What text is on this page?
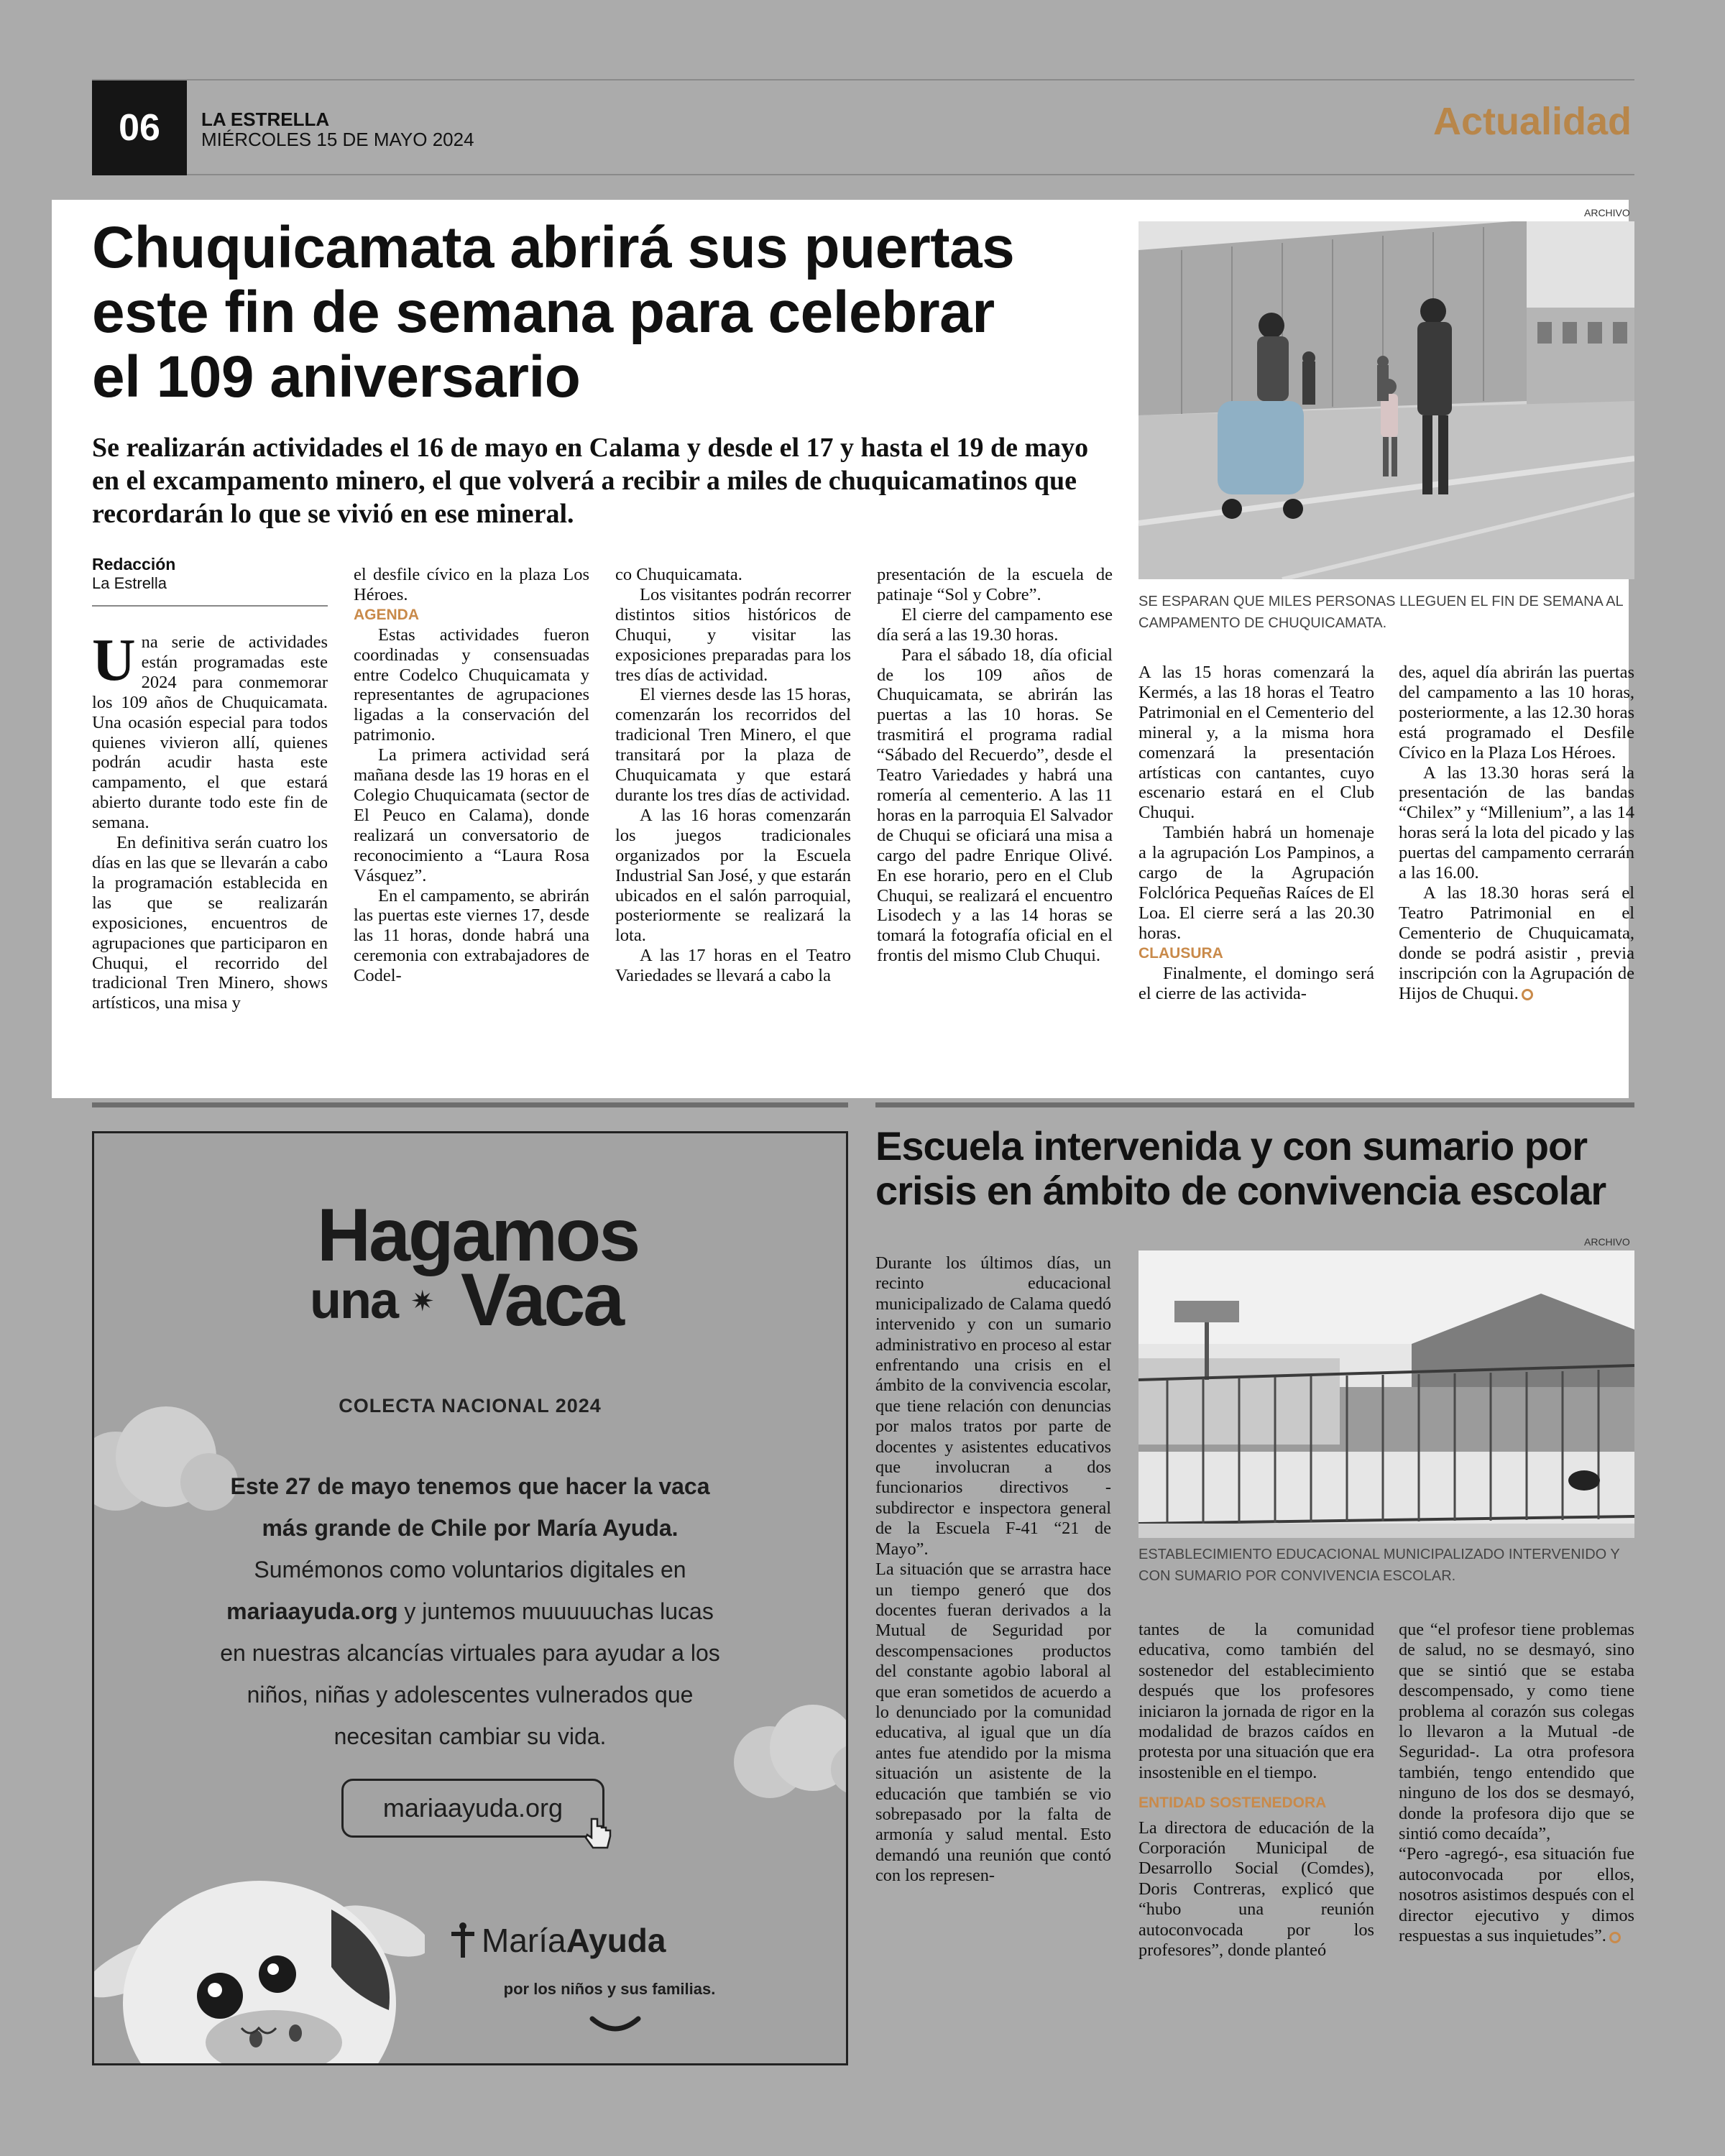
06	LA ESTRELLA
MIÉRCOLES 15 DE MAYO 2024	Actualidad
Chuquicamata abrirá sus puertas
este fin de semana para celebrar
el 109 aniversario
Se realizarán actividades el 16 de mayo en Calama y desde el 17 y hasta el 19 de mayo en el excampamento minero, el que volverá a recibir a miles de chuquicamatinos que recordarán lo que se vivió en ese mineral.
Redacción
La Estrella
ARCHIVO
SE ESPARAN QUE MILES PERSONAS LLEGUEN EL FIN DE SEMANA AL CAMPAMENTO DE CHUQUICAMATA.

Una serie de actividades están programadas este 2024 para conmemorar los 109 años de Chuquicamata. Una ocasión especial para todos quienes vivieron allí, quienes podrán acudir hasta este campamento, el que estará abierto durante todo este fin de semana.

En definitiva serán cuatro los días en las que se llevarán a cabo la programación establecida en las que se realizarán exposiciones, encuentros de agrupaciones que participaron en Chuqui, el recorrido del tradicional Tren Minero, shows artísticos, una misa y

el desfile cívico en la plaza Los Héroes.

AGENDA

Estas actividades fueron coordinadas y consensuadas entre Codelco Chuquicamata y representantes de agrupaciones ligadas a la conservación del patrimonio.

La primera actividad será mañana desde las 19 horas en el Colegio Chuquicamata (sector de El Peuco en Calama), donde realizará un conversatorio de reconocimiento a “Laura Rosa Vásquez”.

En el campamento, se abrirán las puertas este viernes 17, desde las 11 horas, donde habrá una ceremonia con extrabajadores de Codel-

co Chuquicamata.

Los visitantes podrán recorrer distintos sitios históricos de Chuqui, y visitar las exposiciones preparadas para los tres días de actividad.

El viernes desde las 15 horas, comenzarán los recorridos del tradicional Tren Minero, el que transitará por la plaza de Chuquicamata y que estará durante los tres días de actividad.

A las 16 horas comenzarán los juegos tradicionales organizados por la Escuela Industrial San José, y que estarán ubicados en el salón parroquial, posteriormente se realizará la lota.

A las 17 horas en el Teatro Variedades se llevará a cabo la

presentación de la escuela de patinaje “Sol y Cobre”.

El cierre del campamento ese día será a las 19.30 horas.

Para el sábado 18, día oficial de los 109 años de Chuquicamata, se abrirán las puertas a las 10 horas. Se trasmitirá el programa radial “Sábado del Recuerdo”, desde el Teatro Variedades y habrá una romería al cementerio. A las 11 horas en la parroquia El Salvador de Chuqui se oficiará una misa a cargo del padre Enrique Olivé. En ese horario, pero en el Club Chuqui, se realizará el encuentro Lisodech y a las 14 horas se tomará la fotografía oficial en el frontis del mismo Club Chuqui.

A las 15 horas comenzará la Kermés, a las 18 horas el Teatro Patrimonial en el Cementerio del mineral y, a la misma hora comenzará la presentación artísticas con cantantes, cuyo escenario estará en el Club Chuqui.

También habrá un homenaje a la agrupación Los Pampinos, a cargo de la Agrupación Folclórica Pequeñas Raíces de El Loa. El cierre será a las 20.30 horas.

CLAUSURA

Finalmente, el domingo será el cierre de las activida-

des, aquel día abrirán las puertas del campamento a las 10 horas, posteriormente, a las 12.30 horas está programado el Desfile Cívico en la Plaza Los Héroes.

A las 13.30 horas será la presentación de las bandas “Chilex” y “Millenium”, a las 14 horas será la lota del picado y las puertas del campamento cerrarán a las 16.00.

A las 18.30 horas será el Teatro Patrimonial en el Cementerio de Chuquicamata, donde se podrá asistir , previa inscripción con la Agrupación de Hijos de Chuqui.

Hagamos
una ✷ Vaca
COLECTA NACIONAL 2024
Este 27 de mayo tenemos que hacer la vaca
más grande de Chile por María Ayuda.
Sumémonos como voluntarios digitales en
mariaayuda.org y juntemos muuuuuchas lucas
en nuestras alcancías virtuales para ayudar a los
niños, niñas y adolescentes vulnerados que
necesitan cambiar su vida.
mariaayuda.org
María Ayuda
por los niños y sus familias.
Escuela intervenida y con sumario por
crisis en ámbito de convivencia escolar
ARCHIVO
ESTABLECIMIENTO EDUCACIONAL MUNICIPALIZADO INTERVENIDO Y CON SUMARIO POR CONVIVENCIA ESCOLAR.

Durante los últimos días, un recinto educacional municipalizado de Calama quedó intervenido y con un sumario administrativo en proceso al estar enfrentando una crisis en el ámbito de la convivencia escolar, que tiene relación con denuncias por malos tratos por parte de docentes y asistentes educativos que involucran a dos funcionarios directivos -subdirector e inspectora general de la Escuela F-41 “21 de Mayo”.

La situación que se arrastra hace un tiempo generó que dos docentes fueran derivados a la Mutual de Seguridad por descompensaciones productos del constante agobio laboral al que eran sometidos de acuerdo a lo denunciado por la comunidad educativa, al igual que un día antes fue atendido por la misma situación un asistente de la educación que también se vio sobrepasado por la falta de armonía y salud mental. Esto demandó una reunión que contó con los represen-

tantes de la comunidad educativa, como también del sostenedor del establecimiento después que los profesores iniciaron la jornada de rigor en la modalidad de brazos caídos en protesta por una situación que era insostenible en el tiempo.

ENTIDAD SOSTENEDORA

La directora de educación de la Corporación Municipal de Desarrollo Social (Comdes), Doris Contreras, explicó que “hubo una reunión autoconvocada por los profesores”, donde planteó

que “el profesor tiene problemas de salud, no se desmayó, sino que se sintió que se estaba descompensado, y como tiene problema al corazón sus colegas lo llevaron a la Mutual -de Seguridad-. La otra profesora también, tengo entendido que ninguno de los dos se desmayó, donde la profesora dijo que se sintió como decaída”,

“Pero -agregó-, esa situación fue autoconvocada por ellos, nosotros asistimos después con el director ejecutivo y dimos respuestas a sus inquietudes”.
